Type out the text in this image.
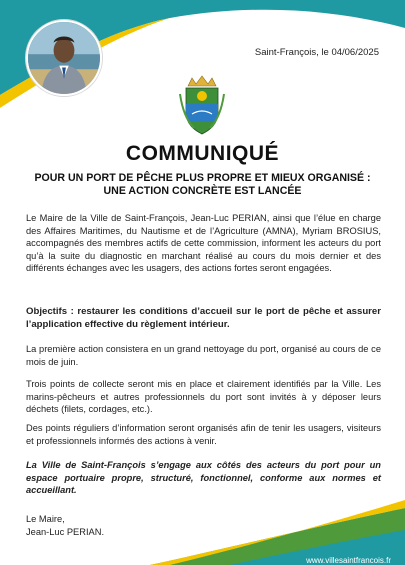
Saint-François, le 04/06/2025
COMMUNIQUÉ
POUR UN PORT DE PÊCHE PLUS PROPRE ET MIEUX ORGANISÉ :
UNE ACTION CONCRÈTE EST LANCÉE

Le Maire de la Ville de Saint-François, Jean-Luc PERIAN, ainsi que l’élue en charge des Affaires Maritimes, du Nautisme et de l’Agriculture (AMNA), Myriam BROSIUS, accompagnés des membres actifs de cette commission, informent les acteurs du port qu’à la suite du diagnostic en marchant réalisé au cours du mois dernier et des différents échanges avec les usagers, des actions fortes seront engagées.

Objectifs : restaurer les conditions d’accueil sur le port de pêche et assurer l’application effective du règlement intérieur.

La première action consistera en un grand nettoyage du port, organisé au cours de ce mois de juin.

Trois points de collecte seront mis en place et clairement identifiés par la Ville. Les marins-pêcheurs et autres professionnels du port sont invités à y déposer leurs déchets (filets, cordages, etc.).

Des points réguliers d’information seront organisés afin de tenir les usagers, visiteurs et professionnels informés des actions à venir.

La Ville de Saint-François s’engage aux côtés des acteurs du port pour un espace portuaire propre, structuré, fonctionnel, conforme aux normes et accueillant.

Le Maire,
Jean-Luc PERIAN.
www.villesaintfrancois.fr
